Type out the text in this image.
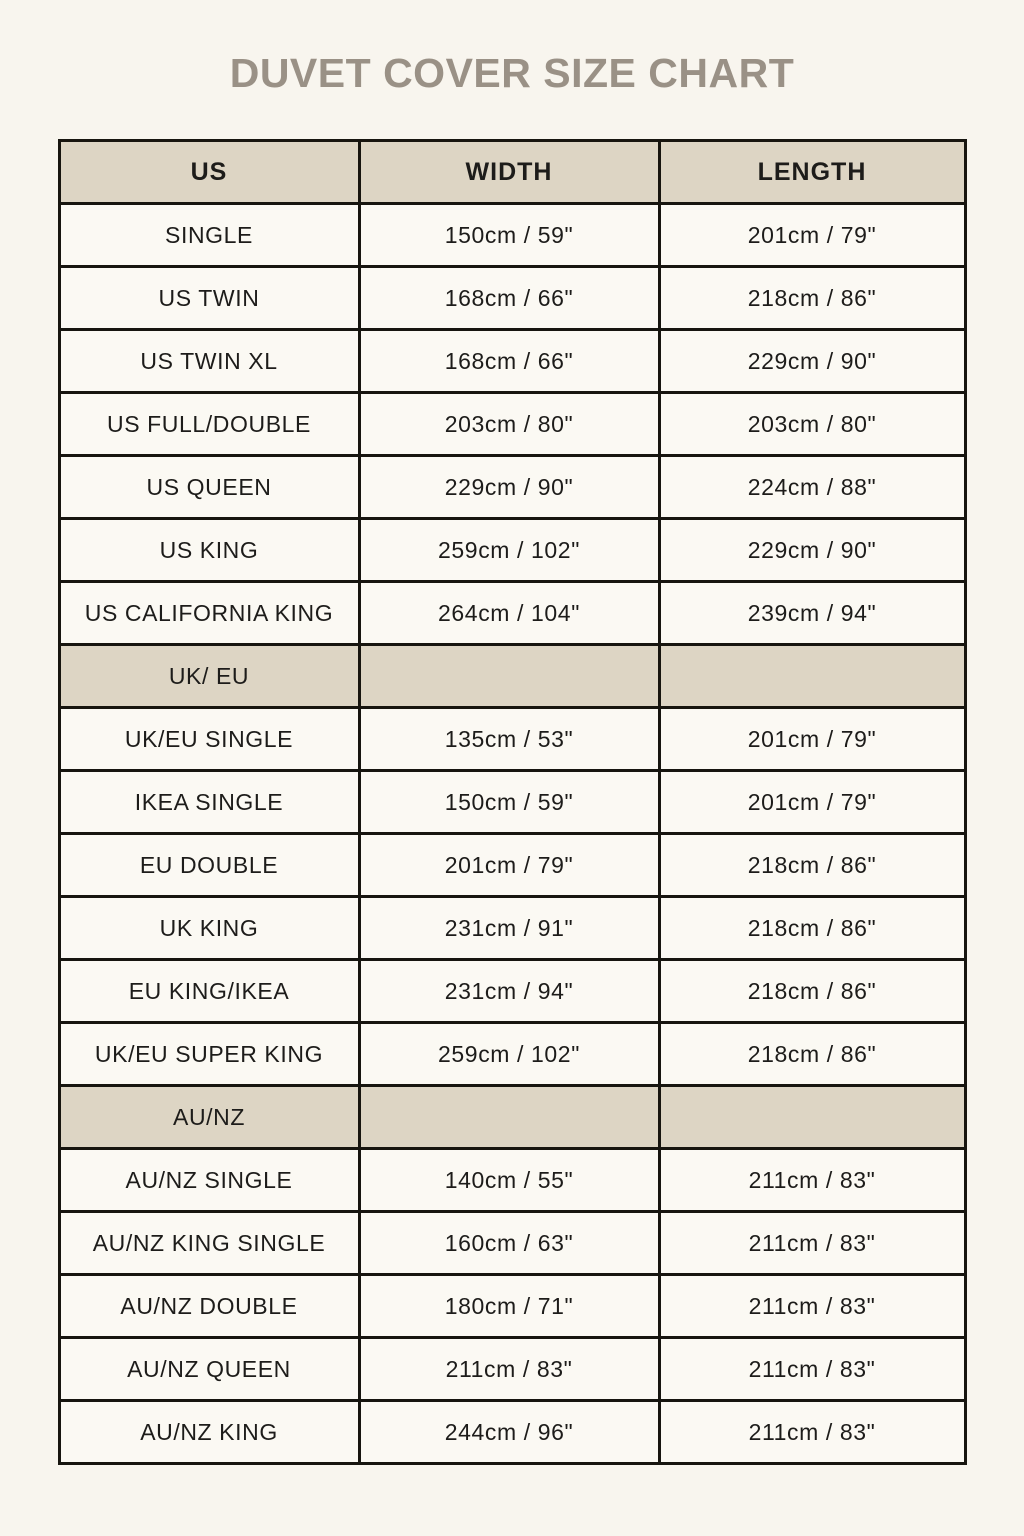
DUVET COVER SIZE CHART
US	WIDTH	LENGTH
SINGLE	150cm / 59"	201cm / 79"
US TWIN	168cm / 66"	218cm / 86"
US TWIN XL	168cm / 66"	229cm / 90"
US FULL/DOUBLE	203cm / 80"	203cm / 80"
US QUEEN	229cm / 90"	224cm / 88"
US KING	259cm / 102"	229cm / 90"
US CALIFORNIA KING	264cm / 104"	239cm / 94"
UK/ EU		
UK/EU SINGLE	135cm / 53"	201cm / 79"
IKEA SINGLE	150cm / 59"	201cm / 79"
EU DOUBLE	201cm / 79"	218cm / 86"
UK KING	231cm / 91"	218cm / 86"
EU KING/IKEA	231cm / 94"	218cm / 86"
UK/EU SUPER KING	259cm / 102"	218cm / 86"
AU/NZ		
AU/NZ SINGLE	140cm / 55"	211cm / 83"
AU/NZ KING SINGLE	160cm / 63"	211cm / 83"
AU/NZ DOUBLE	180cm / 71"	211cm / 83"
AU/NZ QUEEN	211cm / 83"	211cm / 83"
AU/NZ KING	244cm / 96"	211cm / 83"
